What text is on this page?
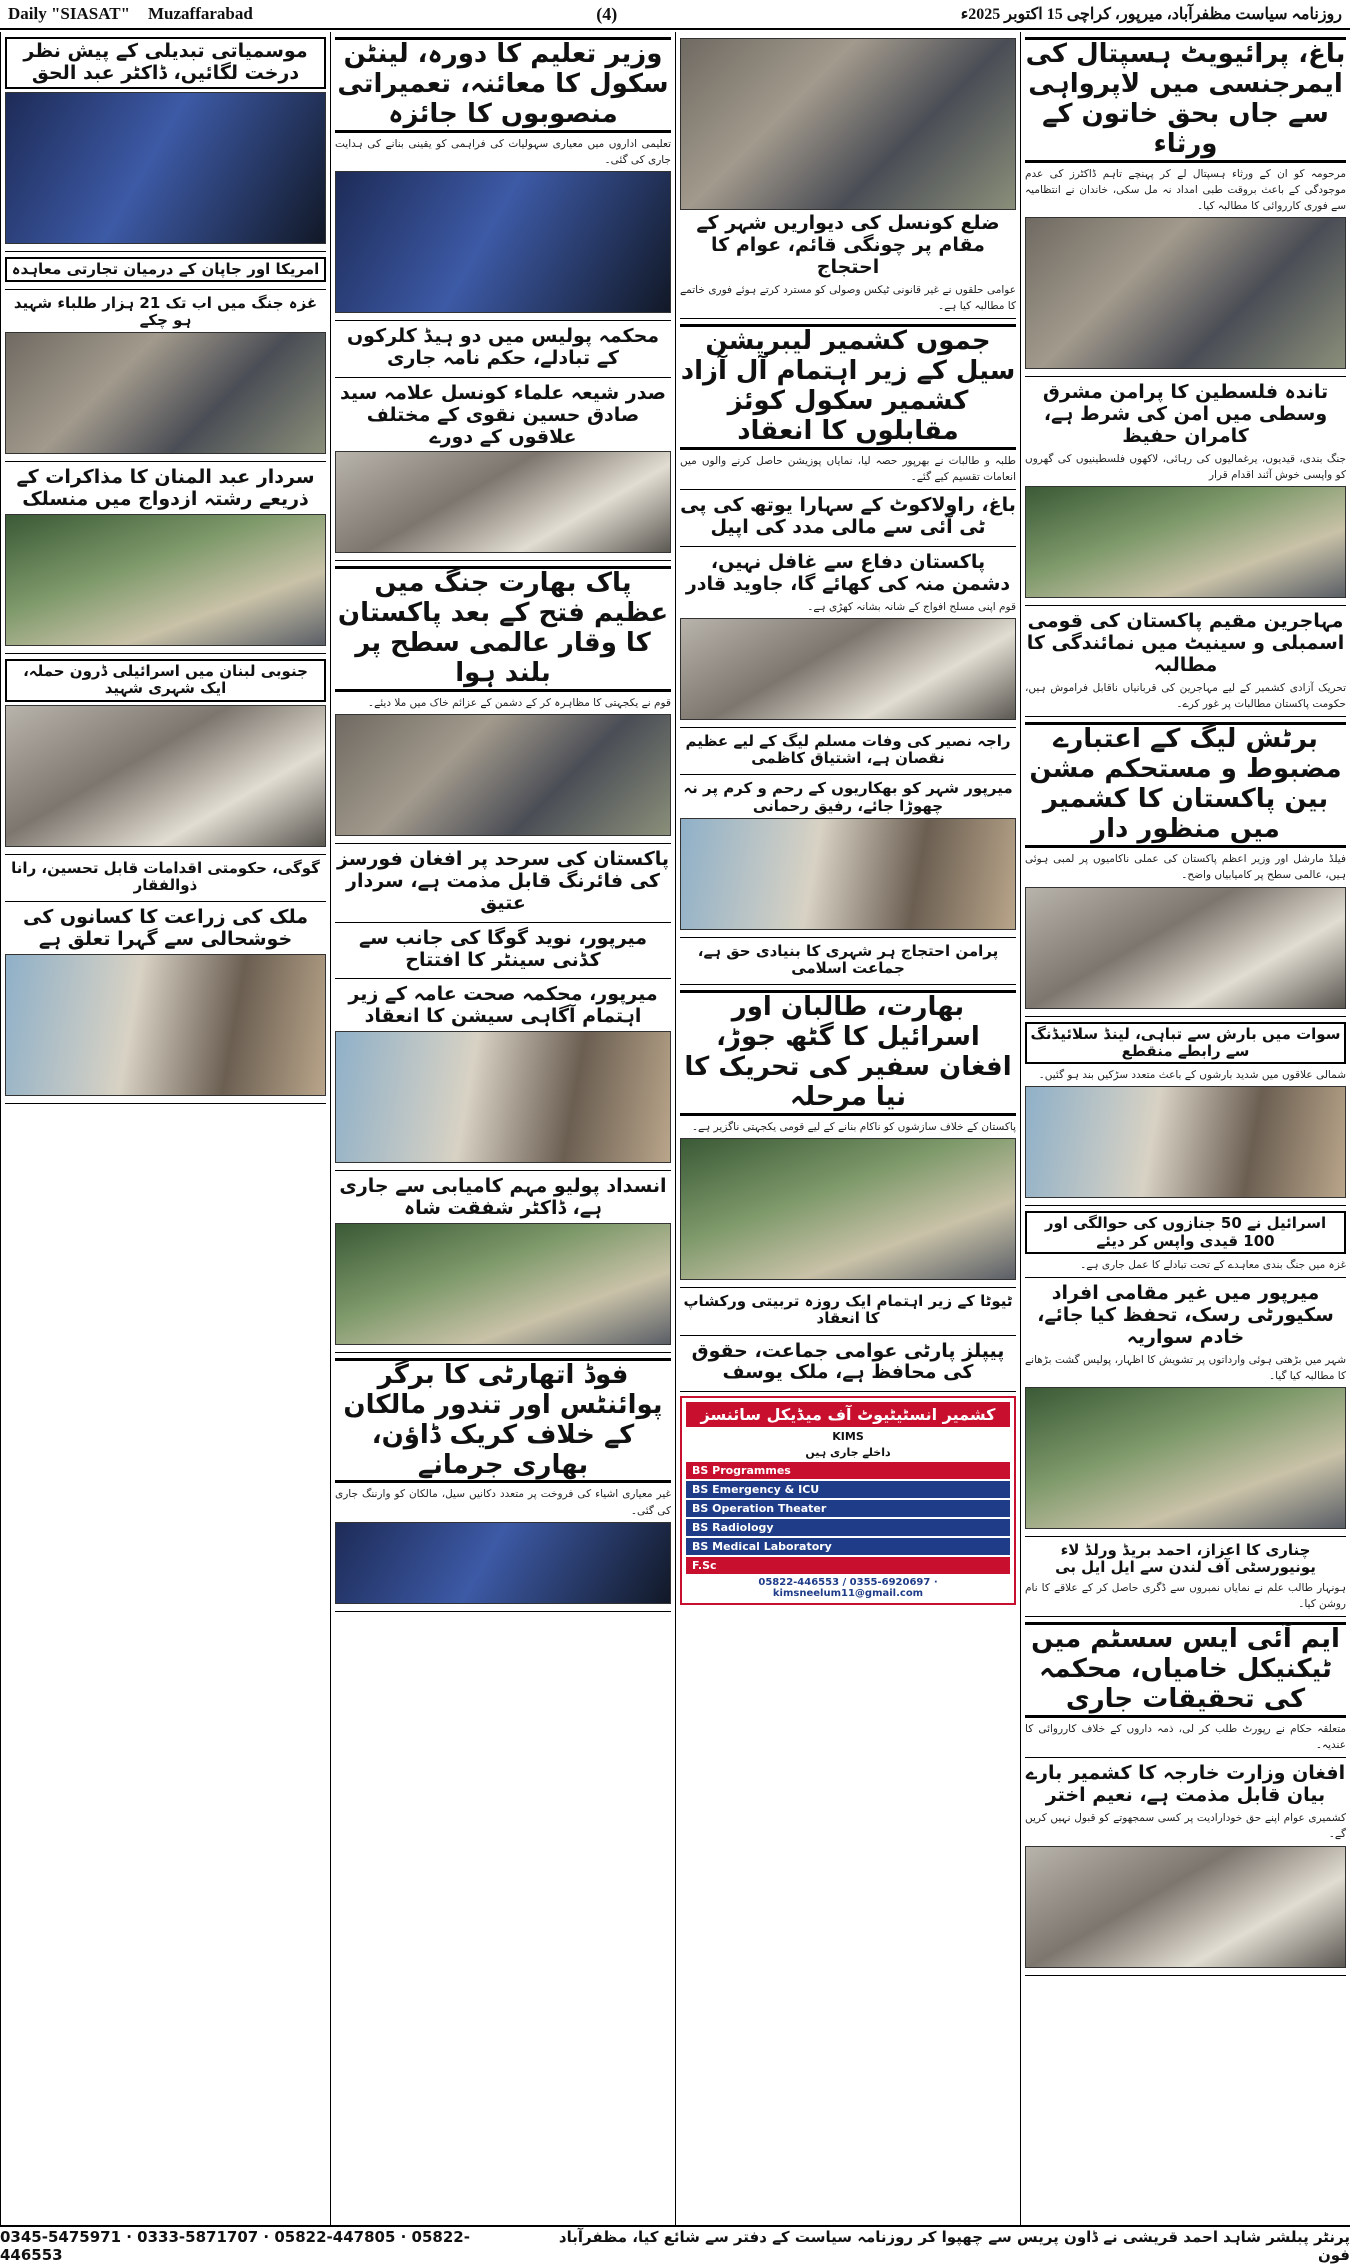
Daily "SIASAT" Muzaffarabad	(4)	روزنامہ سیاست مظفرآباد، میرپور، کراچی 15 اکتوبر 2025ء
باغ، پرائیویٹ ہسپتال کی ایمرجنسی میں لاپرواہی سے جاں بحق خاتون کے ورثاء
مرحومہ کو ان کے ورثاء ہسپتال لے کر پہنچے تاہم ڈاکٹرز کی عدم موجودگی کے باعث بروقت طبی امداد نہ مل سکی، خاندان نے انتظامیہ سے فوری کارروائی کا مطالبہ کیا۔
تاندہ فلسطین کا پرامن مشرق وسطی میں امن کی شرط ہے، کامران حفیظ
جنگ بندی، قیدیوں، یرغمالیوں کی رہائی، لاکھوں فلسطینیوں کی گھروں کو واپسی خوش آئند اقدام قرار
مہاجرین مقیم پاکستان کی قومی اسمبلی و سینیٹ میں نمائندگی کا مطالبہ
تحریک آزادی کشمیر کے لیے مہاجرین کی قربانیاں ناقابل فراموش ہیں، حکومت پاکستان مطالبات پر غور کرے۔
برٹش لیگ کے اعتبارے مضبوط و مستحکم مشن بین پاکستان کا کشمیر میں منظور دار
فیلڈ مارشل اور وزیر اعظم پاکستان کی عملی ناکامیوں پر لمبی ہوئی ہیں، عالمی سطح پر کامیابیاں واضح۔
سوات میں بارش سے تباہی، لینڈ سلائیڈنگ سے رابطے منقطع
شمالی علاقوں میں شدید بارشوں کے باعث متعدد سڑکیں بند ہو گئیں۔
اسرائیل نے 50 جنازوں کی حوالگی اور 100 قیدی واپس کر دیئے
غزہ میں جنگ بندی معاہدے کے تحت تبادلے کا عمل جاری ہے۔
میرپور میں غیر مقامی افراد سکیورٹی رسک، تحفظ کیا جائے، خادم سواریہ
شہر میں بڑھتی ہوئی وارداتوں پر تشویش کا اظہار، پولیس گشت بڑھانے کا مطالبہ کیا گیا۔
چناری کا اعزاز، احمد بریڈ ورلڈ لاء یونیورسٹی آف لندن سے ایل ایل بی
ہونہار طالب علم نے نمایاں نمبروں سے ڈگری حاصل کر کے علاقے کا نام روشن کیا۔
ایم آئی ایس سسٹم میں ٹیکنیکل خامیاں، محکمہ کی تحقیقات جاری
متعلقہ حکام نے رپورٹ طلب کر لی، ذمہ داروں کے خلاف کارروائی کا عندیہ۔
افغان وزارت خارجہ کا کشمیر بارے بیان قابل مذمت ہے، نعیم اختر
کشمیری عوام اپنے حق خودارادیت پر کسی سمجھوتے کو قبول نہیں کریں گے۔
ضلع کونسل کی دیواریں شہر کے مقام پر چونگی قائم، عوام کا احتجاج
عوامی حلقوں نے غیر قانونی ٹیکس وصولی کو مسترد کرتے ہوئے فوری خاتمے کا مطالبہ کیا ہے۔
جموں کشمیر لیبریشن سیل کے زیر اہتمام آل آزاد کشمیر سکول کوئز مقابلوں کا انعقاد
طلبہ و طالبات نے بھرپور حصہ لیا، نمایاں پوزیشن حاصل کرنے والوں میں انعامات تقسیم کیے گئے۔
باغ، راولاکوٹ کے سہارا یوتھ کی پی ٹی آئی سے مالی مدد کی اپیل
پاکستان دفاع سے غافل نہیں، دشمن منہ کی کھائے گا، جاوید قادر
قوم اپنی مسلح افواج کے شانہ بشانہ کھڑی ہے۔
راجہ نصیر کی وفات مسلم لیگ کے لیے عظیم نقصان ہے، اشتیاق کاظمی
میرپور شہر کو بھکاریوں کے رحم و کرم پر نہ چھوڑا جائے، رفیق رحمانی
پرامن احتجاج ہر شہری کا بنیادی حق ہے، جماعت اسلامی
بھارت، طالبان اور اسرائیل کا گٹھ جوڑ، افغان سفیر کی تحریک کا نیا مرحلہ
پاکستان کے خلاف سازشوں کو ناکام بنانے کے لیے قومی یکجہتی ناگزیر ہے۔
ٹیوٹا کے زیر اہتمام ایک روزہ تربیتی ورکشاپ کا انعقاد
پیپلز پارٹی عوامی جماعت، حقوق کی محافظ ہے، ملک یوسف
کشمیر انسٹیٹیوٹ آف میڈیکل سائنسز
KIMS
داخلے جاری ہیں
BS Programmes
BS Emergency & ICU
BS Operation Theater
BS Radiology
BS Medical Laboratory
F.Sc
05822-446553 / 0355-6920697 · kimsneelum11@gmail.com
وزیر تعلیم کا دورہ، لینٹن سکول کا معائنہ، تعمیراتی منصوبوں کا جائزہ
تعلیمی اداروں میں معیاری سہولیات کی فراہمی کو یقینی بنانے کی ہدایت جاری کی گئی۔
محکمہ پولیس میں دو ہیڈ کلرکوں کے تبادلے، حکم نامہ جاری
صدر شیعہ علماء کونسل علامہ سید صادق حسین نقوی کے مختلف علاقوں کے دورے
پاک بھارت جنگ میں عظیم فتح کے بعد پاکستان کا وقار عالمی سطح پر بلند ہوا
قوم نے یکجہتی کا مظاہرہ کر کے دشمن کے عزائم خاک میں ملا دیئے۔
پاکستان کی سرحد پر افغان فورسز کی فائرنگ قابل مذمت ہے، سردار عتیق
میرپور، نوید گوگا کی جانب سے کڈنی سینٹر کا افتتاح
میرپور، محکمہ صحت عامہ کے زیر اہتمام آگاہی سیشن کا انعقاد
انسداد پولیو مہم کامیابی سے جاری ہے، ڈاکٹر شفقت شاہ
فوڈ اتھارٹی کا برگر پوائنٹس اور تندور مالکان کے خلاف کریک ڈاؤن، بھاری جرمانے
غیر معیاری اشیاء کی فروخت پر متعدد دکانیں سیل، مالکان کو وارننگ جاری کی گئی۔
موسمیاتی تبدیلی کے پیش نظر درخت لگائیں، ڈاکٹر عبد الحق
امریکا اور جاپان کے درمیان تجارتی معاہدہ
غزہ جنگ میں اب تک 21 ہزار طلباء شہید ہو چکے
سردار عبد المنان کا مذاکرات کے ذریعے رشتہ ازدواج میں منسلک
جنوبی لبنان میں اسرائیلی ڈرون حملہ، ایک شہری شہید
گوگی، حکومتی اقدامات قابل تحسین، رانا ذوالفقار
ملک کی زراعت کا کسانوں کی خوشحالی سے گہرا تعلق ہے
پرنٹر پبلشر شاہد احمد قریشی نے ڈاون پریس سے چھپوا کر روزنامہ سیاست کے دفتر سے شائع کیا، مظفرآباد فون
0345-5475971 · 0333-5871707 · 05822-447805 · 05822-446553
